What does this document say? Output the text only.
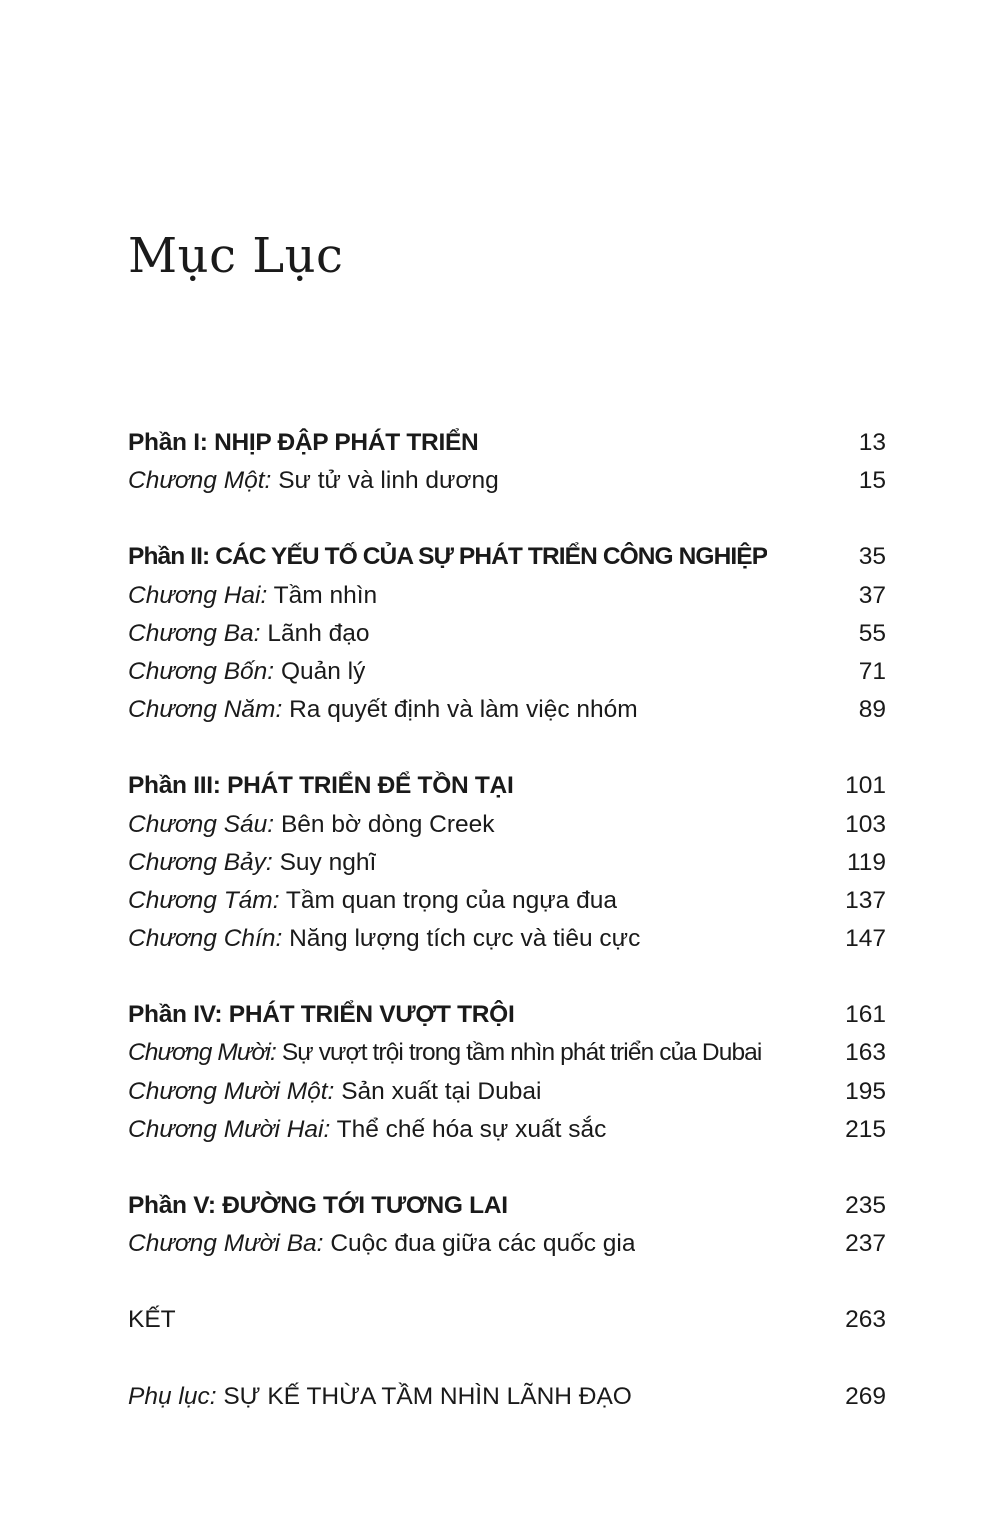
Mục Lục
Phần I: NHỊP ĐẬP PHÁT TRIỂN	13
Chương Một: Sư tử và linh dương	15
Phần II: CÁC YẾU TỐ CỦA SỰ PHÁT TRIỂN CÔNG NGHIỆP	35
Chương Hai: Tầm nhìn	37
Chương Ba: Lãnh đạo	55
Chương Bốn: Quản lý	71
Chương Năm: Ra quyết định và làm việc nhóm	89
Phần III: PHÁT TRIỂN ĐỂ TỒN TẠI	101
Chương Sáu: Bên bờ dòng Creek	103
Chương Bảy: Suy nghĩ	119
Chương Tám: Tầm quan trọng của ngựa đua	137
Chương Chín: Năng lượng tích cực và tiêu cực	147
Phần IV: PHÁT TRIỂN VƯỢT TRỘI	161
Chương Mười: Sự vượt trội trong tầm nhìn phát triển của Dubai	163
Chương Mười Một: Sản xuất tại Dubai	195
Chương Mười Hai: Thể chế hóa sự xuất sắc	215
Phần V: ĐƯỜNG TỚI TƯƠNG LAI	235
Chương Mười Ba: Cuộc đua giữa các quốc gia	237
KẾT	263
Phụ lục: SỰ KẾ THỪA TẦM NHÌN LÃNH ĐẠO	269
